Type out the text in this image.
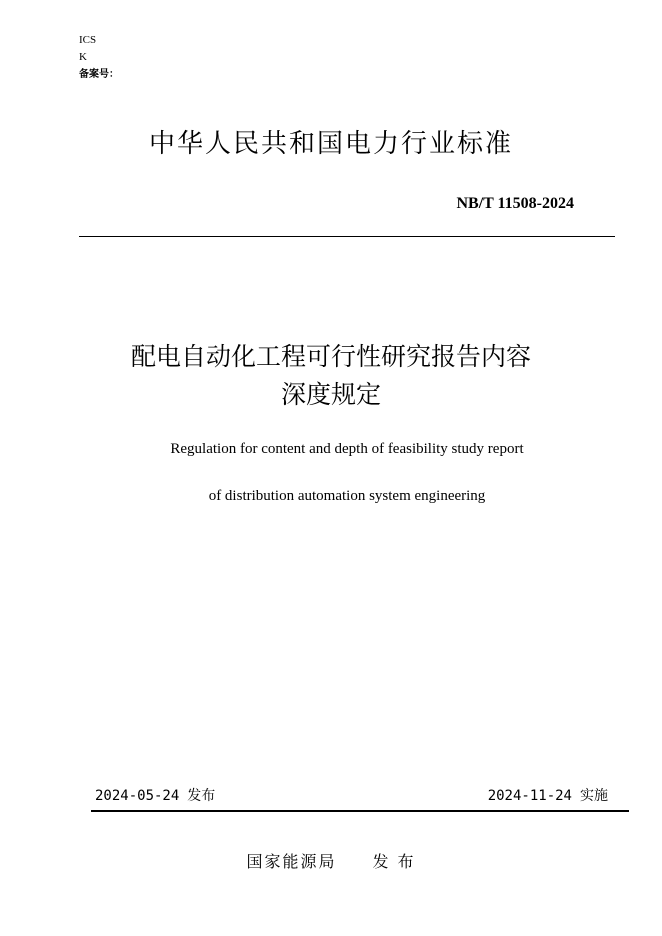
ICS
K
备案号：
中华人民共和国电力行业标准
NB/T 11508-2024
配电自动化工程可行性研究报告内容
深度规定
Regulation for content and depth of feasibility study report
of distribution automation system engineering
2024-05-24 发布	2024-11-24 实施
国家能源局 发 布
